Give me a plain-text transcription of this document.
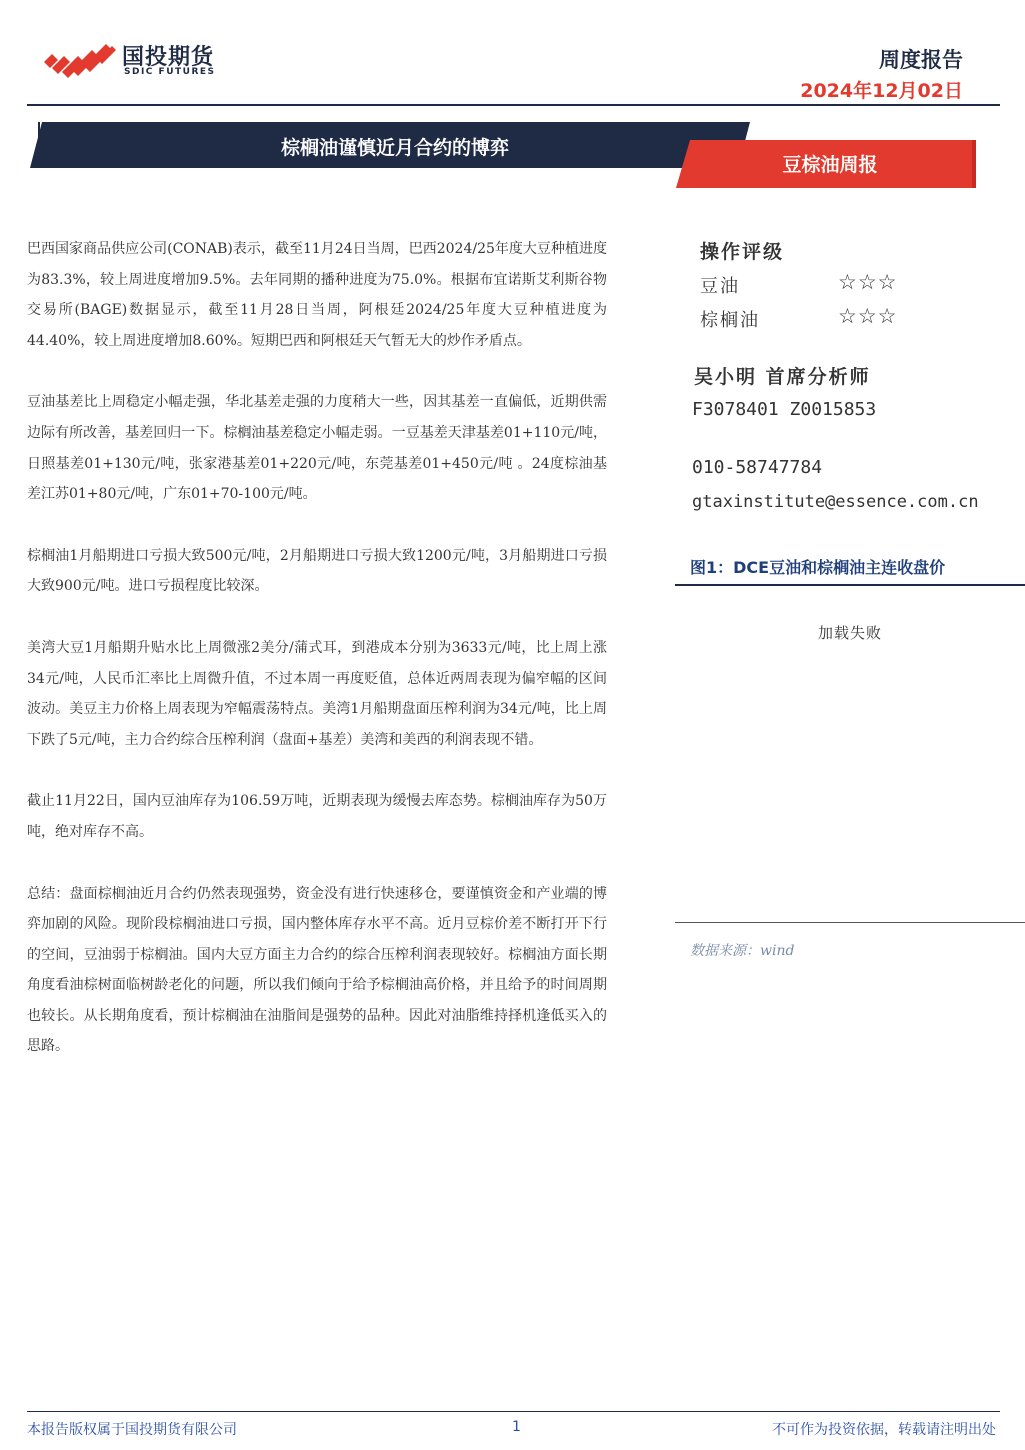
国投期货
SDIC FUTURES	周度报告
2024年12月02日
棕榈油谨慎近月合约的博弈
豆棕油周报

巴西国家商品供应公司(CONAB)表示，截至11月24日当周，巴西2024/25年度大豆种植进度为83.3%，较上周进度增加9.5%。去年同期的播种进度为75.0%。根据布宜诺斯艾利斯谷物交易所(BAGE)数据显示，截至11月28日当周，阿根廷2024/25年度大豆种植进度为44.40%，较上周进度增加8.60%。短期巴西和阿根廷天气暂无大的炒作矛盾点。

豆油基差比上周稳定小幅走强，华北基差走强的力度稍大一些，因其基差一直偏低，近期供需边际有所改善，基差回归一下。棕榈油基差稳定小幅走弱。一豆基差天津基差01+110元/吨，日照基差01+130元/吨，张家港基差01+220元/吨，东莞基差01+450元/吨 。24度棕油基差江苏01+80元/吨，广东01+70-100元/吨。

棕榈油1月船期进口亏损大致500元/吨，2月船期进口亏损大致1200元/吨，3月船期进口亏损大致900元/吨。进口亏损程度比较深。

美湾大豆1月船期升贴水比上周微涨2美分/蒲式耳，到港成本分别为3633元/吨，比上周上涨34元/吨，人民币汇率比上周微升值，不过本周一再度贬值，总体近两周表现为偏窄幅的区间波动。美豆主力价格上周表现为窄幅震荡特点。美湾1月船期盘面压榨利润为34元/吨，比上周下跌了5元/吨，主力合约综合压榨利润（盘面+基差）美湾和美西的利润表现不错。

截止11月22日，国内豆油库存为106.59万吨，近期表现为缓慢去库态势。棕榈油库存为50万吨，绝对库存不高。

总结：盘面棕榈油近月合约仍然表现强势，资金没有进行快速移仓，要谨慎资金和产业端的博弈加剧的风险。现阶段棕榈油进口亏损，国内整体库存水平不高。近月豆棕价差不断打开下行的空间，豆油弱于棕榈油。国内大豆方面主力合约的综合压榨利润表现较好。棕榈油方面长期角度看油棕树面临树龄老化的问题，所以我们倾向于给予棕榈油高价格，并且给予的时间周期也较长。从长期角度看，预计棕榈油在油脂间是强势的品种。因此对油脂维持择机逢低买入的思路。

操作评级
豆油	☆☆☆
棕榈油	☆☆☆
吴小明 首席分析师
F3078401 Z0015853
010-58747784
gtaxinstitute@essence.com.cn
图1：DCE豆油和棕榈油主连收盘价
加载失败
数据来源：wind
本报告版权属于国投期货有限公司	1	不可作为投资依据，转载请注明出处
